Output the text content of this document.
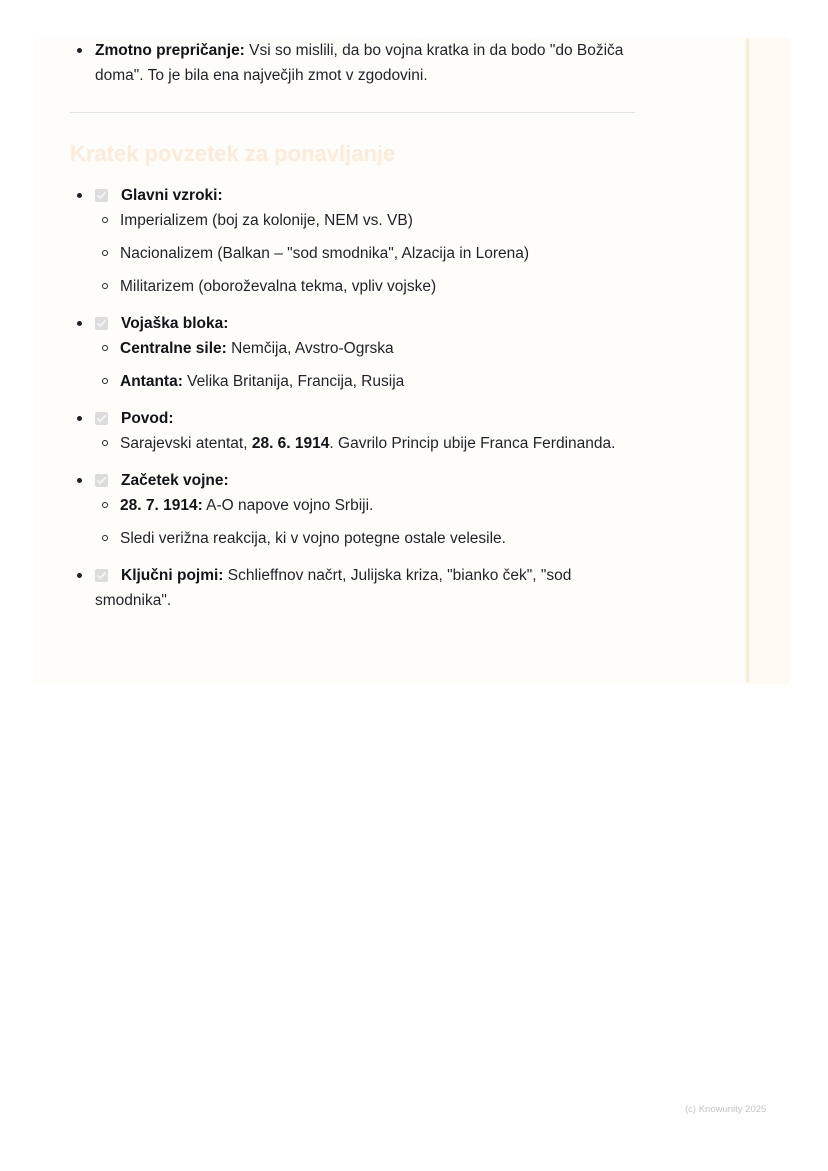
Zmotno prepričanje: Vsi so mislili, da bo vojna kratka in da bodo "do Božiča doma". To je bila ena največjih zmot v zgodovini.
Kratek povzetek za ponavljanje
Glavni vzroki:
Imperializem (boj za kolonije, NEM vs. VB)
Nacionalizem (Balkan – "sod smodnika", Alzacija in Lorena)
Militarizem (oboroževalna tekma, vpliv vojske)
Vojaška bloka:
Centralne sile: Nemčija, Avstro-Ogrska
Antanta: Velika Britanija, Francija, Rusija
Povod:
Sarajevski atentat, 28. 6. 1914. Gavrilo Princip ubije Franca Ferdinanda.
Začetek vojne:
28. 7. 1914: A-O napove vojno Srbiji.
Sledi verižna reakcija, ki v vojno potegne ostale velesile.
Ključni pojmi: Schlieffnov načrt, Julijska kriza, "bianko ček", "sod smodnika".
(c) Knowunity 2025
